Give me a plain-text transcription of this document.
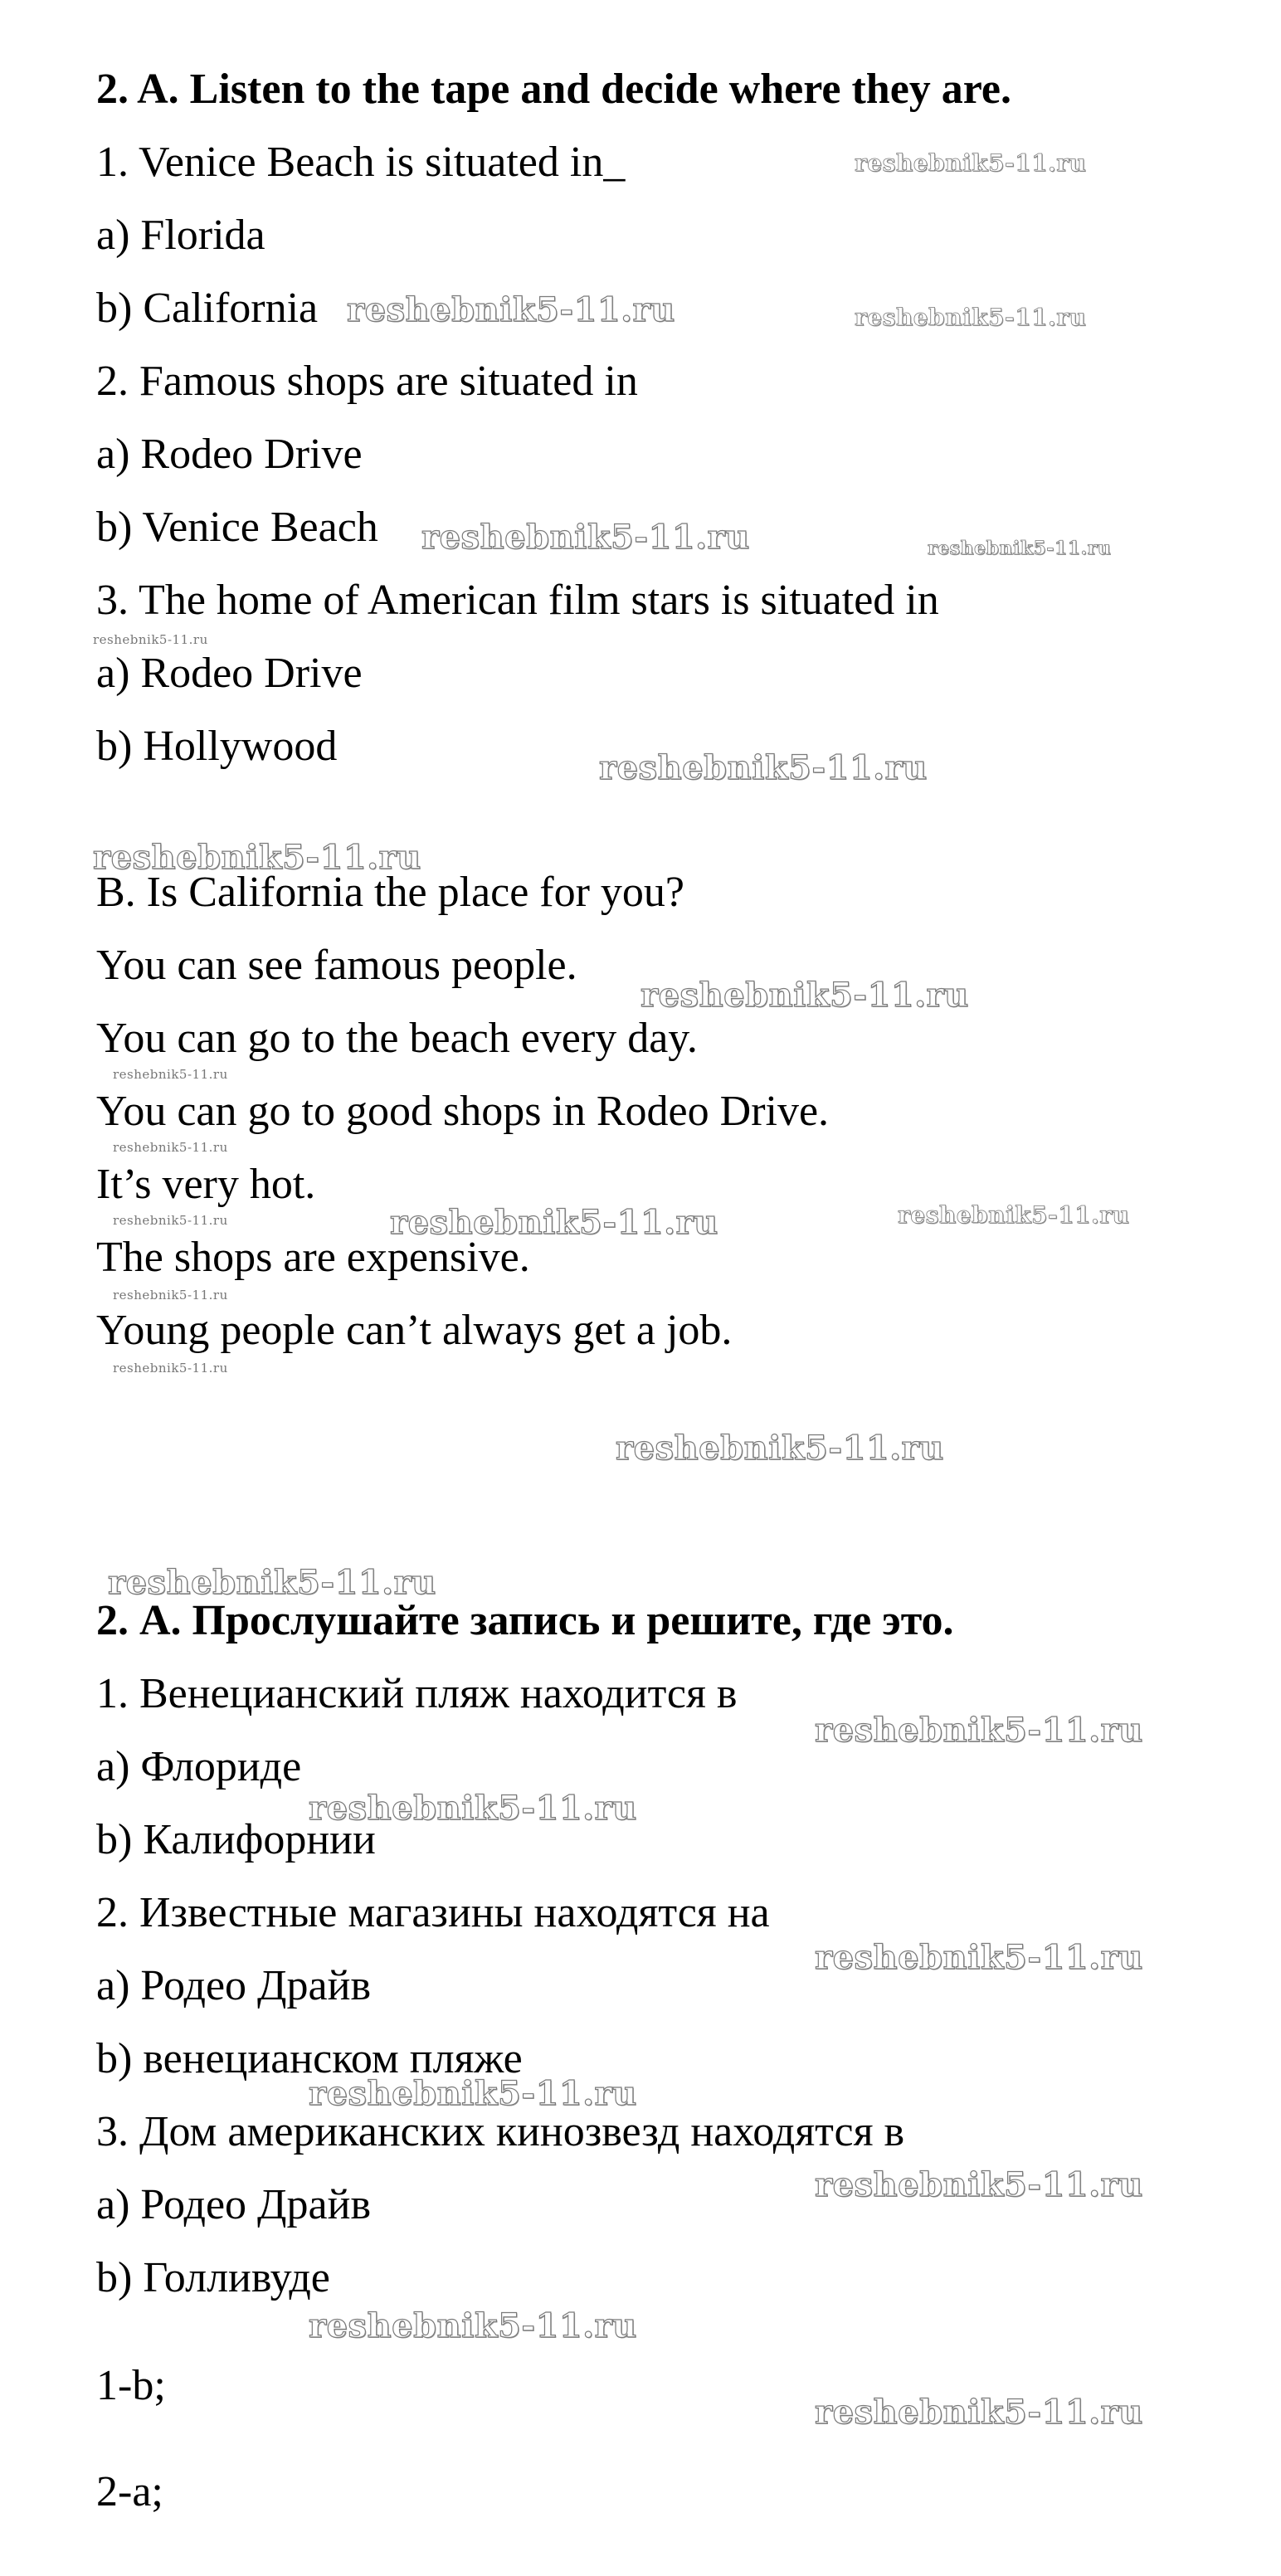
2. A. Listen to the tape and decide where they are.
1. Venice Beach is situated in_
a) Florida
b) California
2. Famous shops are situated in
a) Rodeo Drive
b) Venice Beach
3. The home of American film stars is situated in
a) Rodeo Drive
b) Hollywood
B. Is California the place for you?
You can see famous people.
You can go to the beach every day.
You can go to good shops in Rodeo Drive.
It’s very hot.
The shops are expensive.
Young people can’t always get a job.
2. А. Прослушайте запись и решите, где это.
1. Венецианский пляж находится в
а) Флориде
b) Калифорнии
2. Известные магазины находятся на
а) Родео Драйв
b) венецианском пляже
3. Дом американских кинозвезд находятся в
а) Родео Драйв
b) Голливуде
1-b;
2-a;
reshebnik5-11.ru
reshebnik5-11.ru	reshebnik5-11.ru
reshebnik5-11.ru	reshebnik5-11.ru
reshebnik5-11.ru
reshebnik5-11.ru
reshebnik5-11.ru
reshebnik5-11.ru
reshebnik5-11.ru
reshebnik5-11.ru
reshebnik5-11.ru	reshebnik5-11.ru
reshebnik5-11.ru
reshebnik5-11.ru
reshebnik5-11.ru
reshebnik5-11.ru
reshebnik5-11.ru
reshebnik5-11.ru
reshebnik5-11.ru
reshebnik5-11.ru
reshebnik5-11.ru
reshebnik5-11.ru
reshebnik5-11.ru
reshebnik5-11.ru
